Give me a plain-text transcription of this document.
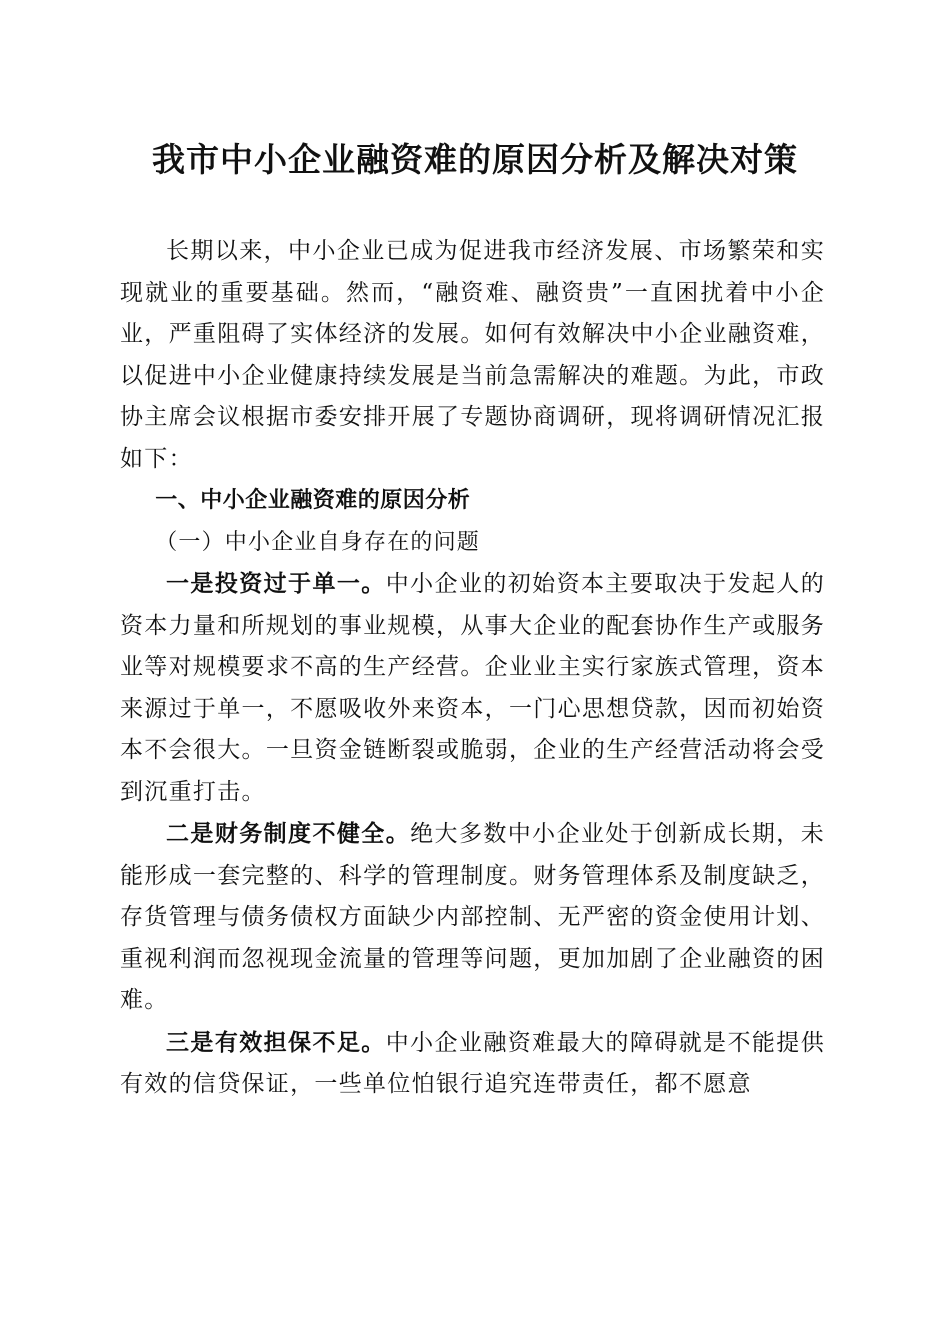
我市中小企业融资难的原因分析及解决对策

长期以来，中小企业已成为促进我市经济发展、市场繁荣和实现就业的重要基础。然而，“融资难、融资贵”一直困扰着中小企业，严重阻碍了实体经济的发展。如何有效解决中小企业融资难，以促进中小企业健康持续发展是当前急需解决的难题。为此，市政协主席会议根据市委安排开展了专题协商调研，现将调研情况汇报如下：

一、中小企业融资难的原因分析

（一）中小企业自身存在的问题

一是投资过于单一。中小企业的初始资本主要取决于发起人的资本力量和所规划的事业规模，从事大企业的配套协作生产或服务业等对规模要求不高的生产经营。企业业主实行家族式管理，资本来源过于单一，不愿吸收外来资本，一门心思想贷款，因而初始资本不会很大。一旦资金链断裂或脆弱，企业的生产经营活动将会受到沉重打击。

二是财务制度不健全。绝大多数中小企业处于创新成长期，未能形成一套完整的、科学的管理制度。财务管理体系及制度缺乏，存货管理与债务债权方面缺少内部控制、无严密的资金使用计划、重视利润而忽视现金流量的管理等问题，更加加剧了企业融资的困难。

三是有效担保不足。中小企业融资难最大的障碍就是不能提供有效的信贷保证，一些单位怕银行追究连带责任，都不愿意
